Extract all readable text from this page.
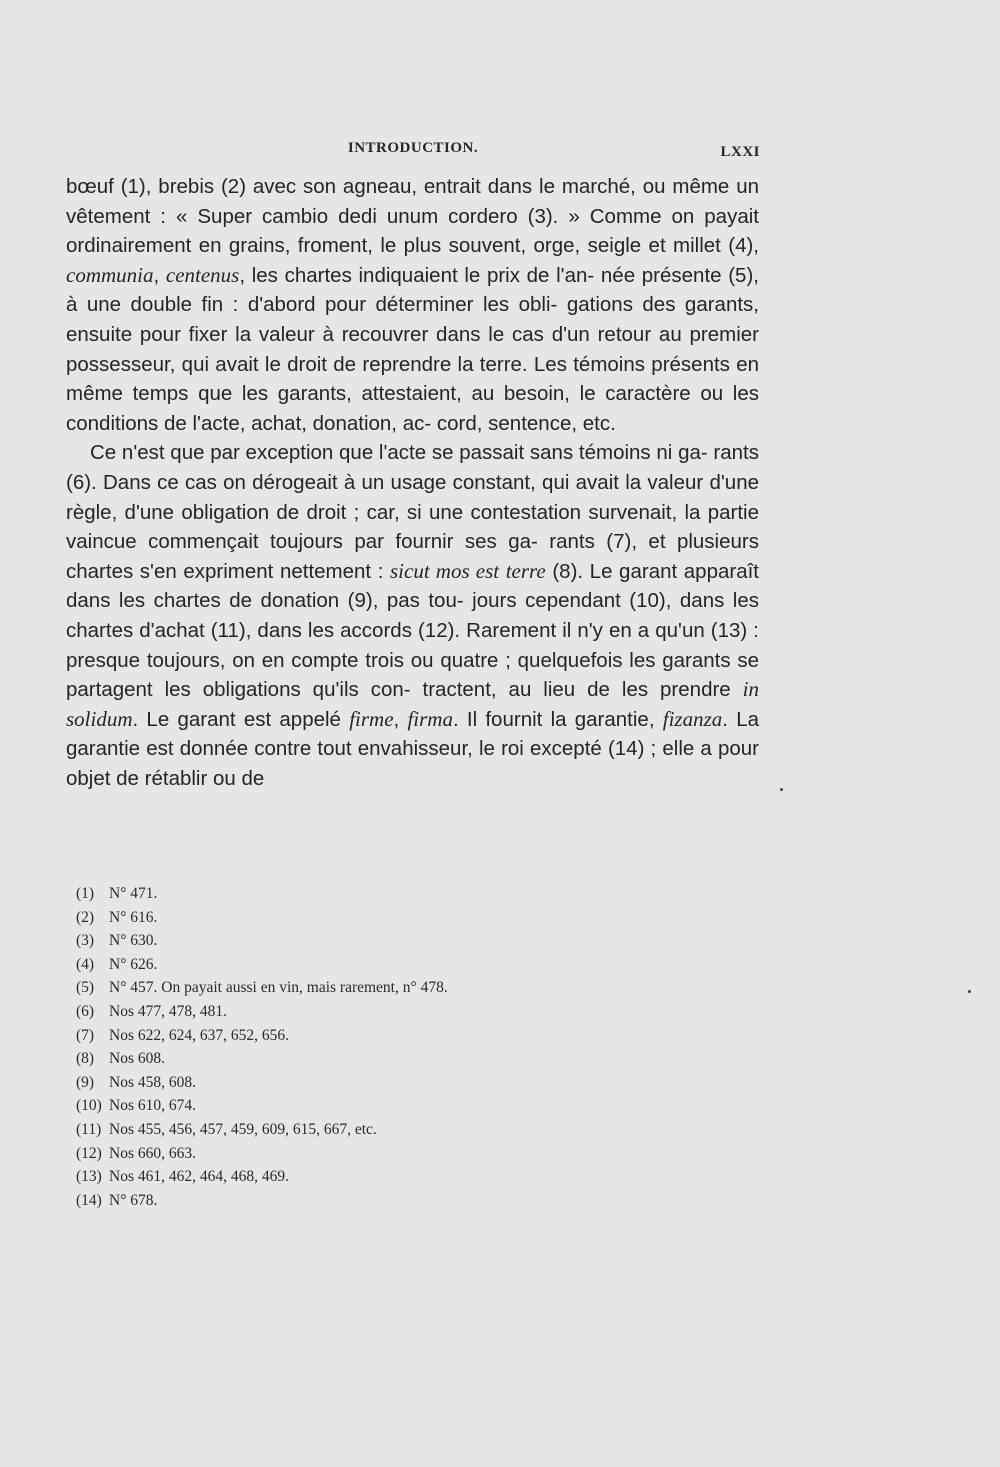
INTRODUCTION.	LXXI

bœuf (1), brebis (2) avec son agneau, entrait dans le marché, ou même un vêtement : « Super cambio dedi unum cordero (3). » Comme on payait ordinairement en grains, froment, le plus souvent, orge, seigle et millet (4), communia, centenus, les chartes indiquaient le prix de l'an- née présente (5), à une double fin : d'abord pour déterminer les obli- gations des garants, ensuite pour fixer la valeur à recouvrer dans le cas d'un retour au premier possesseur, qui avait le droit de reprendre la terre. Les témoins présents en même temps que les garants, attestaient, au besoin, le caractère ou les conditions de l'acte, achat, donation, ac- cord, sentence, etc.

Ce n'est que par exception que l'acte se passait sans témoins ni ga- rants (6). Dans ce cas on dérogeait à un usage constant, qui avait la valeur d'une règle, d'une obligation de droit ; car, si une contestation survenait, la partie vaincue commençait toujours par fournir ses ga- rants (7), et plusieurs chartes s'en expriment nettement : sicut mos est terre (8). Le garant apparaît dans les chartes de donation (9), pas tou- jours cependant (10), dans les chartes d'achat (11), dans les accords (12). Rarement il n'y en a qu'un (13) : presque toujours, on en compte trois ou quatre ; quelquefois les garants se partagent les obligations qu'ils con- tractent, au lieu de les prendre in solidum. Le garant est appelé firme, firma. Il fournit la garantie, fizanza. La garantie est donnée contre tout envahisseur, le roi excepté (14) ; elle a pour objet de rétablir ou de

(1) N° 471.
(2) N° 616.
(3) N° 630.
(4) N° 626.
(5) N° 457. On payait aussi en vin, mais rarement, n° 478.
(6) Nos 477, 478, 481.
(7) Nos 622, 624, 637, 652, 656.
(8) Nos 608.
(9) Nos 458, 608.
(10) Nos 610, 674.
(11) Nos 455, 456, 457, 459, 609, 615, 667, etc.
(12) Nos 660, 663.
(13) Nos 461, 462, 464, 468, 469.
(14) N° 678.
